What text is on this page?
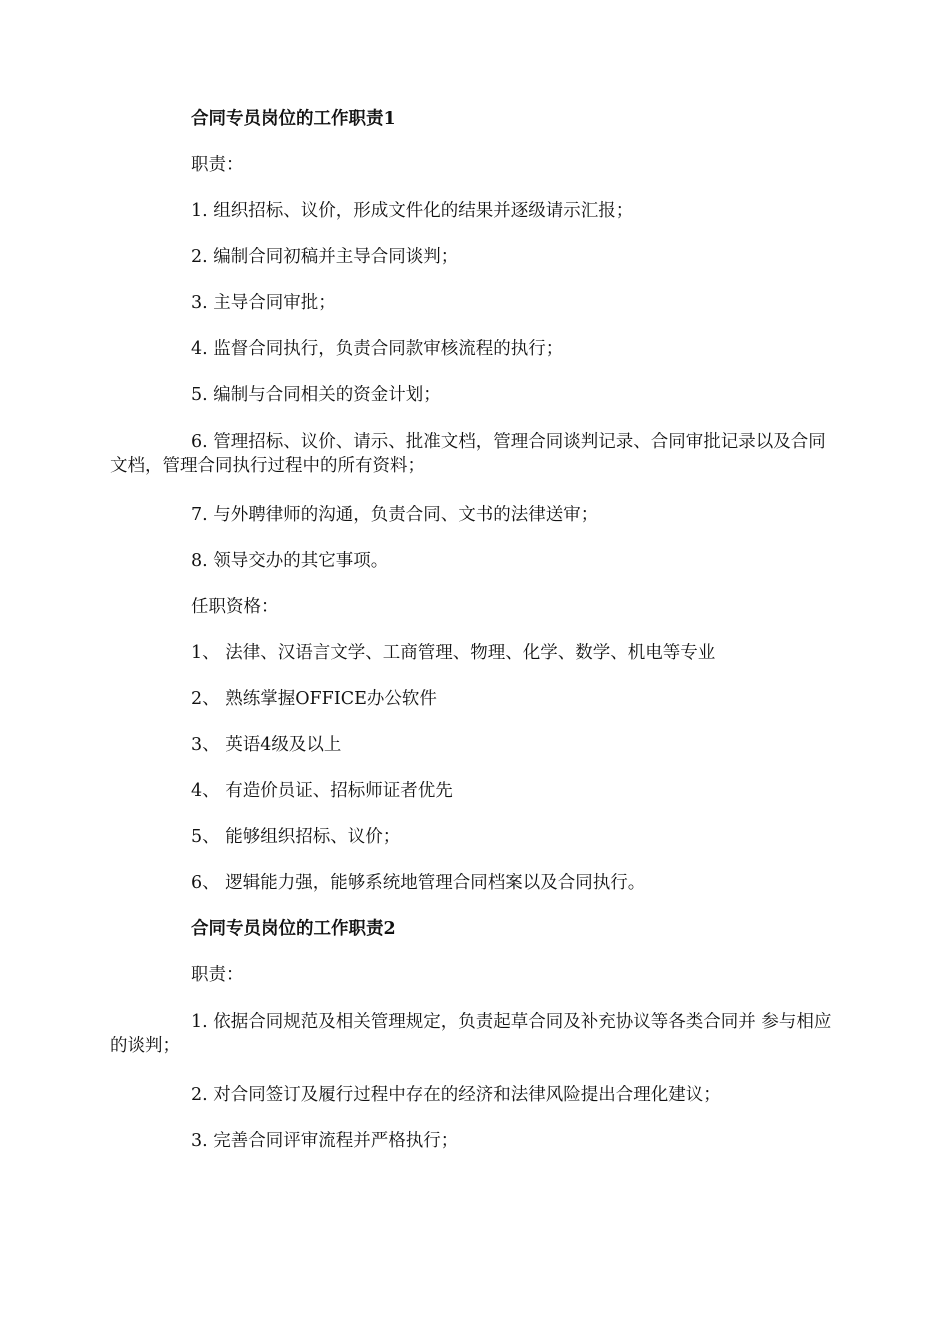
合同专员岗位的工作职责1

职责：

1. 组织招标、议价，形成文件化的结果并逐级请示汇报；

2. 编制合同初稿并主导合同谈判；

3. 主导合同审批；

4. 监督合同执行，负责合同款审核流程的执行；

5. 编制与合同相关的资金计划；

6. 管理招标、议价、请示、批准文档，管理合同谈判记录、合同审批记录以及合同文档，管理合同执行过程中的所有资料；

7. 与外聘律师的沟通，负责合同、文书的法律送审；

8. 领导交办的其它事项。

任职资格：

1、 法律、汉语言文学、工商管理、物理、化学、数学、机电等专业

2、 熟练掌握OFFICE办公软件

3、 英语4级及以上

4、 有造价员证、招标师证者优先

5、 能够组织招标、议价；

6、 逻辑能力强，能够系统地管理合同档案以及合同执行。

合同专员岗位的工作职责2

职责：

1. 依据合同规范及相关管理规定，负责起草合同及补充协议等各类合同并 参与相应的谈判；

2. 对合同签订及履行过程中存在的经济和法律风险提出合理化建议；

3. 完善合同评审流程并严格执行；
